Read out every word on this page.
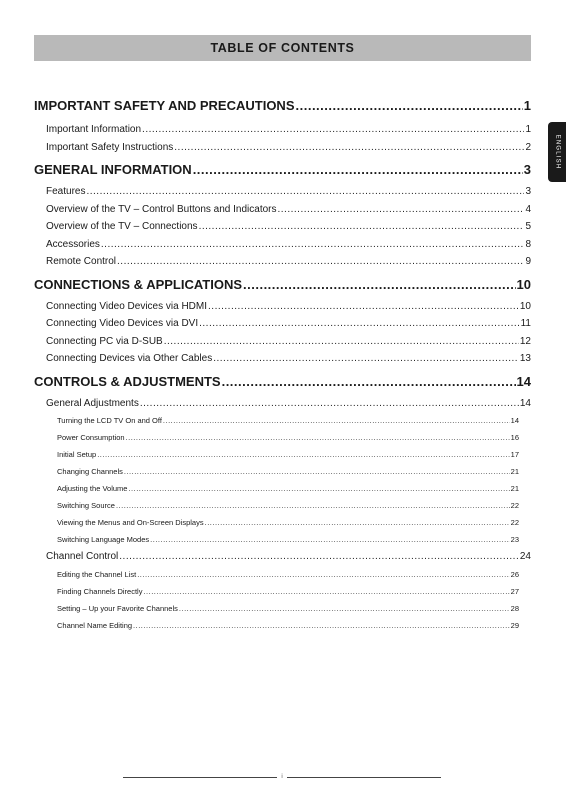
TABLE OF CONTENTS
ENGLISH
IMPORTANT SAFETY AND PRECAUTIONS .....	1
Important Information .....	1
Important Safety Instructions .....	2
GENERAL INFORMATION .....	3
Features .....	3
Overview of the TV – Control Buttons and Indicators .....	4
Overview of the TV – Connections .....	5
Accessories .....	8
Remote Control .....	9
CONNECTIONS & APPLICATIONS .....	10
Connecting Video Devices via HDMI .....	10
Connecting Video Devices via DVI .....	11
Connecting PC via D-SUB .....	12
Connecting Devices via Other Cables .....	13
CONTROLS & ADJUSTMENTS .....	14
General Adjustments .....	14
Turning the LCD TV On and Off .....	14
Power Consumption .....	16
Initial Setup .....	17
Changing Channels .....	21
Adjusting the Volume .....	21
Switching Source .....	22
Viewing the Menus and On-Screen Displays .....	22
Switching Language Modes .....	23
Channel Control .....	24
Editing the Channel List .....	26
Finding Channels Directly .....	27
Setting – Up your Favorite Channels .....	28
Channel Name Editing .....	29
i
